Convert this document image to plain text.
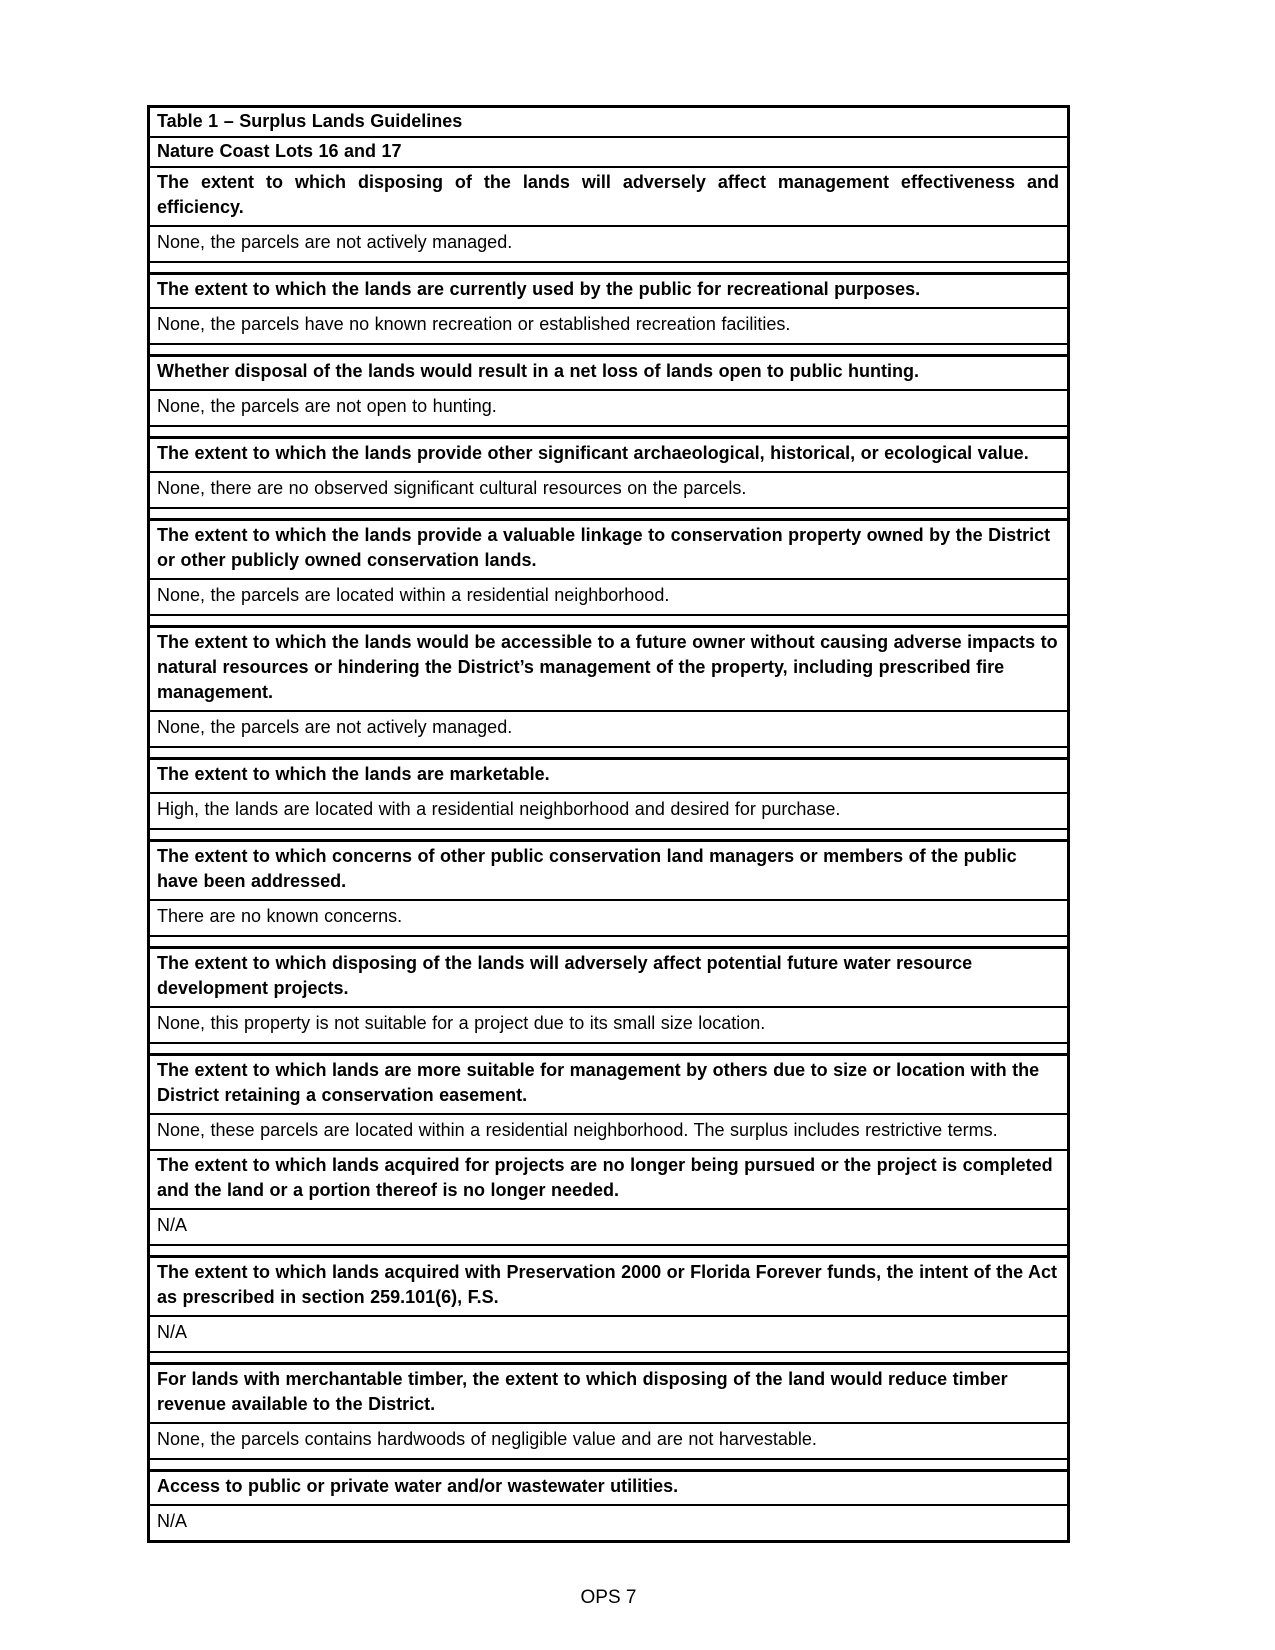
Table 1 – Surplus Lands Guidelines
Nature Coast Lots 16 and 17
The extent to which disposing of the lands will adversely affect management effectiveness and efficiency.
None, the parcels are not actively managed.

The extent to which the lands are currently used by the public for recreational purposes.
None, the parcels have no known recreation or established recreation facilities.

Whether disposal of the lands would result in a net loss of lands open to public hunting.
None, the parcels are not open to hunting.

The extent to which the lands provide other significant archaeological, historical, or ecological value.
None, there are no observed significant cultural resources on the parcels.

The extent to which the lands provide a valuable linkage to conservation property owned by the District or other publicly owned conservation lands.
None, the parcels are located within a residential neighborhood.

The extent to which the lands would be accessible to a future owner without causing adverse impacts to natural resources or hindering the District’s management of the property, including prescribed fire management.
None, the parcels are not actively managed.

The extent to which the lands are marketable.
High, the lands are located with a residential neighborhood and desired for purchase.

The extent to which concerns of other public conservation land managers or members of the public have been addressed.
There are no known concerns.

The extent to which disposing of the lands will adversely affect potential future water resource development projects.
None, this property is not suitable for a project due to its small size location.

The extent to which lands are more suitable for management by others due to size or location with the District retaining a conservation easement.
None, these parcels are located within a residential neighborhood. The surplus includes restrictive terms.
The extent to which lands acquired for projects are no longer being pursued or the project is completed and the land or a portion thereof is no longer needed.
N/A

The extent to which lands acquired with Preservation 2000 or Florida Forever funds, the intent of the Act as prescribed in section 259.101(6), F.S.
N/A

For lands with merchantable timber, the extent to which disposing of the land would reduce timber revenue available to the District.
None, the parcels contains hardwoods of negligible value and are not harvestable.

Access to public or private water and/or wastewater utilities.
N/A
OPS 7
